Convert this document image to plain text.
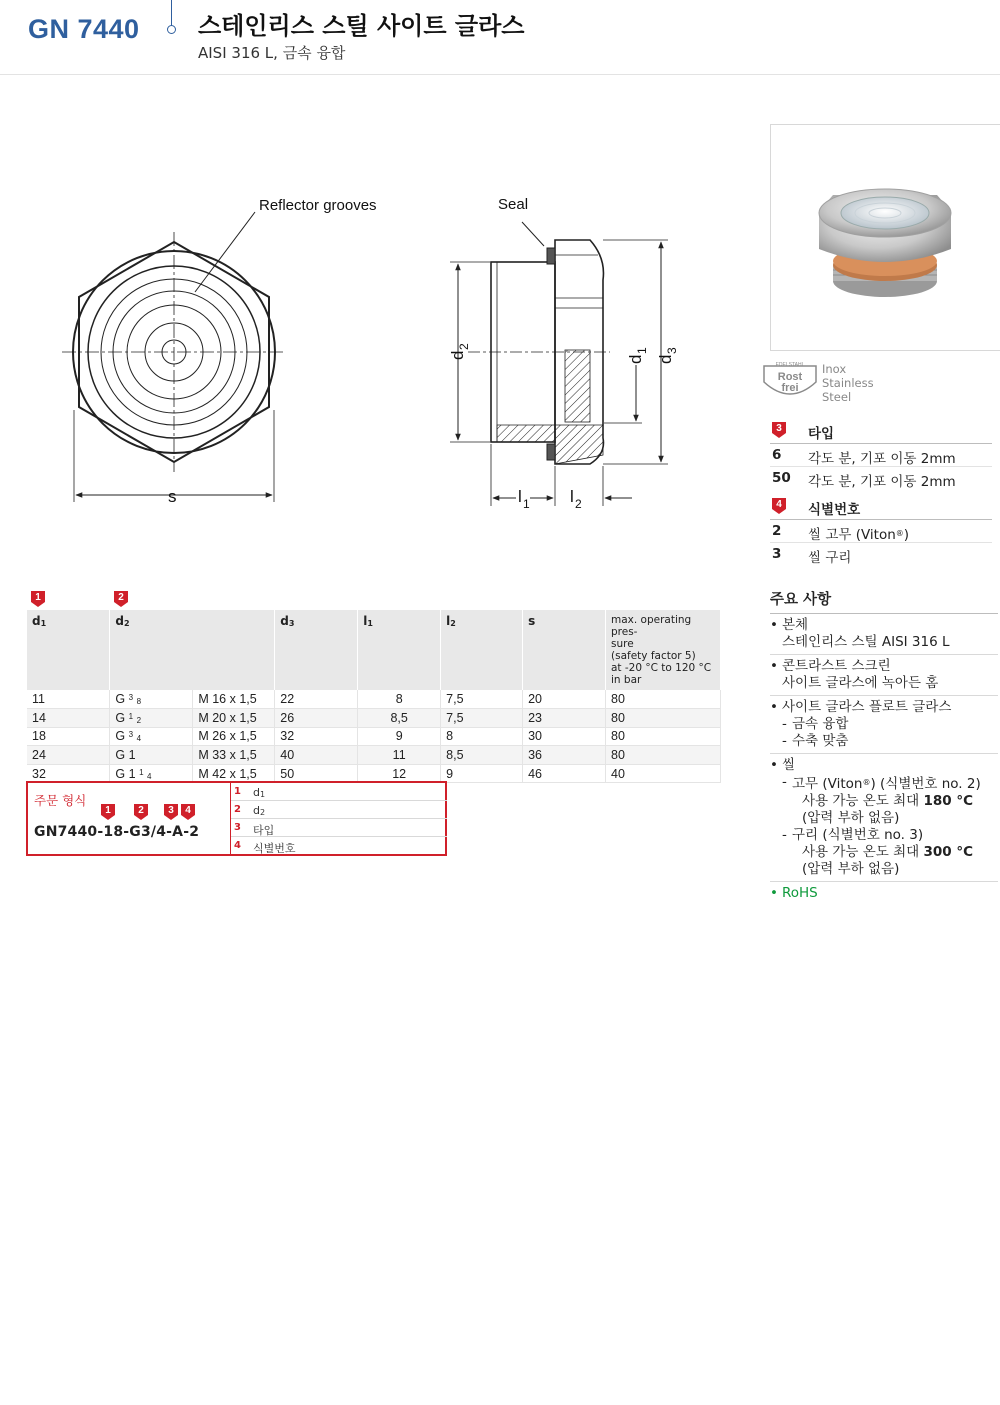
GN 7440 스테인리스 스틸 사이트 글라스
AISI 316 L, 금속 융합
Reflector grooves
s
Seal
d
2
d
1
d
3
l 1 l 2
EDELSTAHL
Rost
frei
Inox
Stainless
Steel
3	타입
6 각도 분, 기포 이동 2mm
50 각도 분, 기포 이동 2mm
4	식별번호
2 씰 고무 (Viton®)
3 씰 구리
주요 사항
• 본체
스테인리스 스틸 AISI 316 L
• 콘트라스트 스크린
사이트 글라스에 녹아든 홈
• 사이트 글라스 플로트 글라스
- 금속 융합
- 수축 맞춤
• 씰
- 고무 (Viton®) (식별번호 no. 2)
사용 가능 온도 최대 180 °C
(압력 부하 없음)
- 구리 (식별번호 no. 3)
사용 가능 온도 최대 300 °C
(압력 부하 없음)
• RoHS
1	2
d1	d2		d3	l1	l2	s	max. operating pres-
sure
(safety factor 5)
at -20 °C to 120 °C
in bar

11	G $^3$ 8	M 16 x 1,5	22	8	7,5	20	80
14	G $^1$ 2	M 20 x 1,5	26	8,5	7,5	23	80
18	G $^3$ 4	M 26 x 1,5	32	9	8	30	80
24	G 1	M 33 x 1,5	40	11	8,5	36	80
32	G 1 $^1$ 4	M 42 x 1,5	50	12	9	46	40
주문 형식
1	2	3	4
GN7440-18-G3/4-A-2
1 d1
2 d2
3 타입
4 식별번호
